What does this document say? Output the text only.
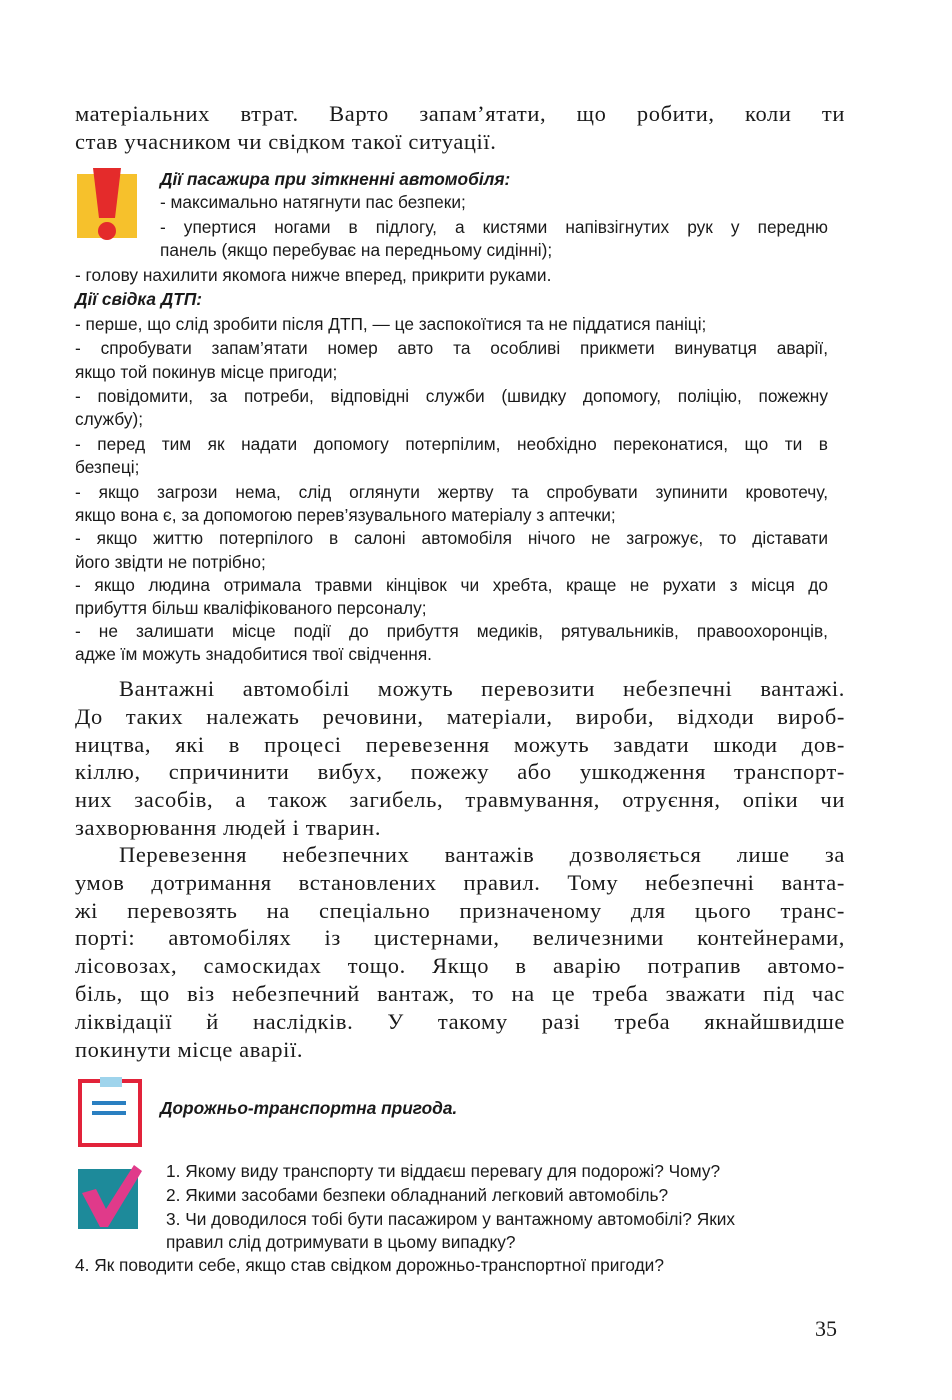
матеріальних втрат. Варто запам’ятати, що робити, коли ти
став учасником чи свідком такої ситуації.
Дії пасажира при зіткненні автомобіля:
- максимально натягнути пас безпеки;
- упертися ногами в підлогу, а кистями напівзігнутих рук у передню
панель (якщо перебуває на передньому сидінні);
- голову нахилити якомога нижче вперед, прикрити руками.
Дії свідка ДТП:
- перше, що слід зробити після ДТП, — це заспокоїтися та не піддатися паніці;
- спробувати запам’ятати номер авто та особливі прикмети винуватця аварії,
якщо той покинув місце пригоди;
- повідомити, за потреби, відповідні служби (швидку допомогу, поліцію, пожежну
службу);
- перед тим як надати допомогу потерпілим, необхідно переконатися, що ти в
безпеці;
- якщо загрози нема, слід оглянути жертву та спробувати зупинити кровотечу,
якщо вона є, за допомогою перев’язувального матеріалу з аптечки;
- якщо життю потерпілого в салоні автомобіля нічого не загрожує, то діставати
його звідти не потрібно;
- якщо людина отримала травми кінцівок чи хребта, краще не рухати з місця до
прибуття більш кваліфікованого персоналу;
- не залишати місце події до прибуття медиків, рятувальників, правоохоронців,
адже їм можуть знадобитися твої свідчення.
Вантажні автомобілі можуть перевозити небезпечні вантажі.
До таких належать речовини, матеріали, вироби, відходи вироб-
ництва, які в процесі перевезення можуть завдати шкоди дов-
кіллю, спричинити вибух, пожежу або ушкодження транспорт-
них засобів, а також загибель, травмування, отруєння, опіки чи
захворювання людей і тварин.
Перевезення небезпечних вантажів дозволяється лише за
умов дотримання встановлених правил. Тому небезпечні ванта-
жі перевозять на спеціально призначеному для цього транс-
порті: автомобілях із цистернами, величезними контейнерами,
лісовозах, самоскидах тощо. Якщо в аварію потрапив автомо-
біль, що віз небезпечний вантаж, то на це треба зважати під час
ліквідації й наслідків. У такому разі треба якнайшвидше
покинути місце аварії.
Дорожньо-транспортна пригода.
1. Якому виду транспорту ти віддаєш перевагу для подорожі? Чому?
2. Якими засобами безпеки обладнаний легковий автомобіль?
3. Чи доводилося тобі бути пасажиром у вантажному автомобілі? Яких
правил слід дотримувати в цьому випадку?
4. Як поводити себе, якщо став свідком дорожньо-транспортної пригоди?
35
